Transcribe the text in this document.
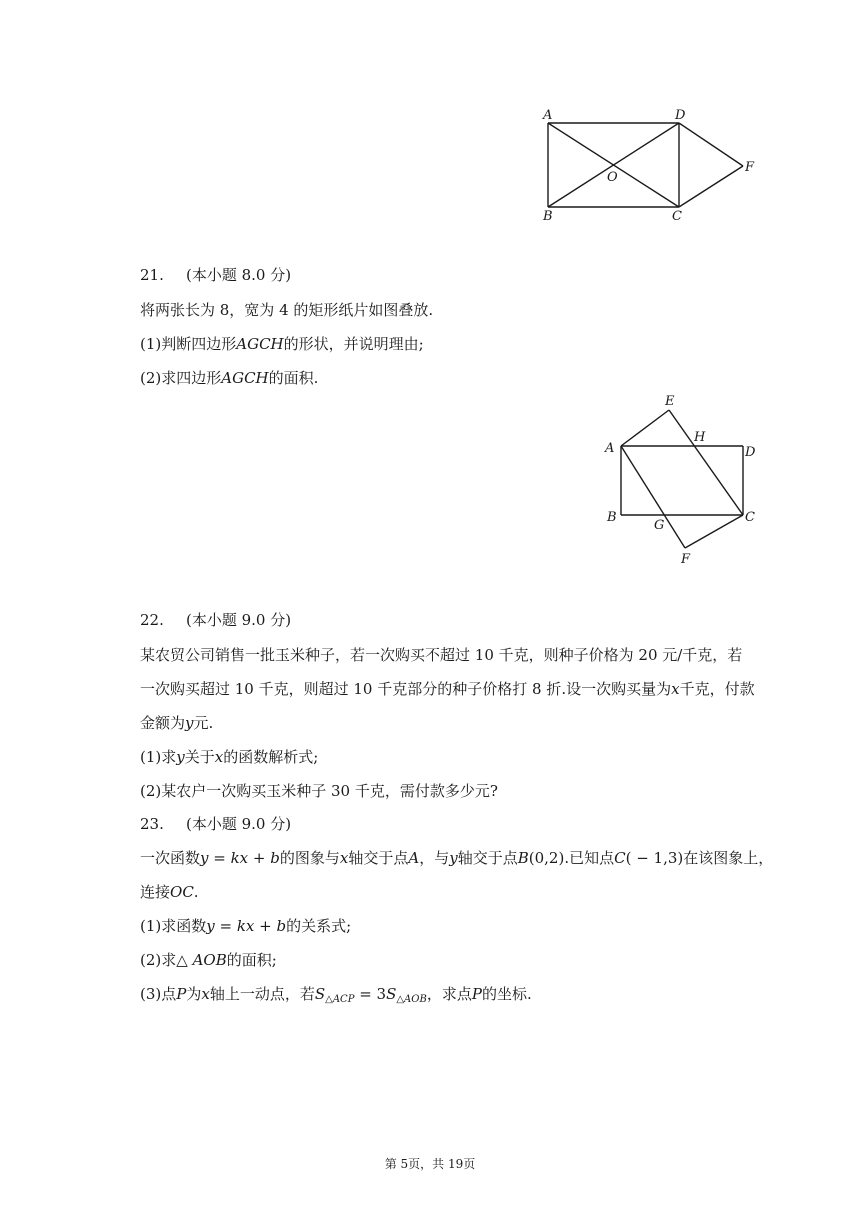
A	D
F
O
B	C
21. (本小题 8.0 分)
将两张长为 8，宽为 4 的矩形纸片如图叠放.
(1)判断四边形AGCH的形状，并说明理由;
(2)求四边形AGCH的面积.
E
H
A	D
B
G
C
F
22. (本小题 9.0 分)
某农贸公司销售一批玉米种子，若一次购买不超过 10 千克，则种子价格为 20 元/千克，若
一次购买超过 10 千克，则超过 10 千克部分的种子价格打 8 折.设一次购买量为x千克，付款
金额为y元.
(1)求y关于x的函数解析式;
(2)某农户一次购买玉米种子 30 千克，需付款多少元?
23. (本小题 9.0 分)
一次函数y = kx + b的图象与x轴交于点A，与y轴交于点B(0,2).已知点C( − 1,3)在该图象上，
连接OC.
(1)求函数y = kx + b的关系式;
(2)求△ AOB的面积;
(3)点P为x轴上一动点，若$S_{\triangle ACP} = 3S_{\triangle AOB}$，求点P的坐标.
第 5页，共 19页
